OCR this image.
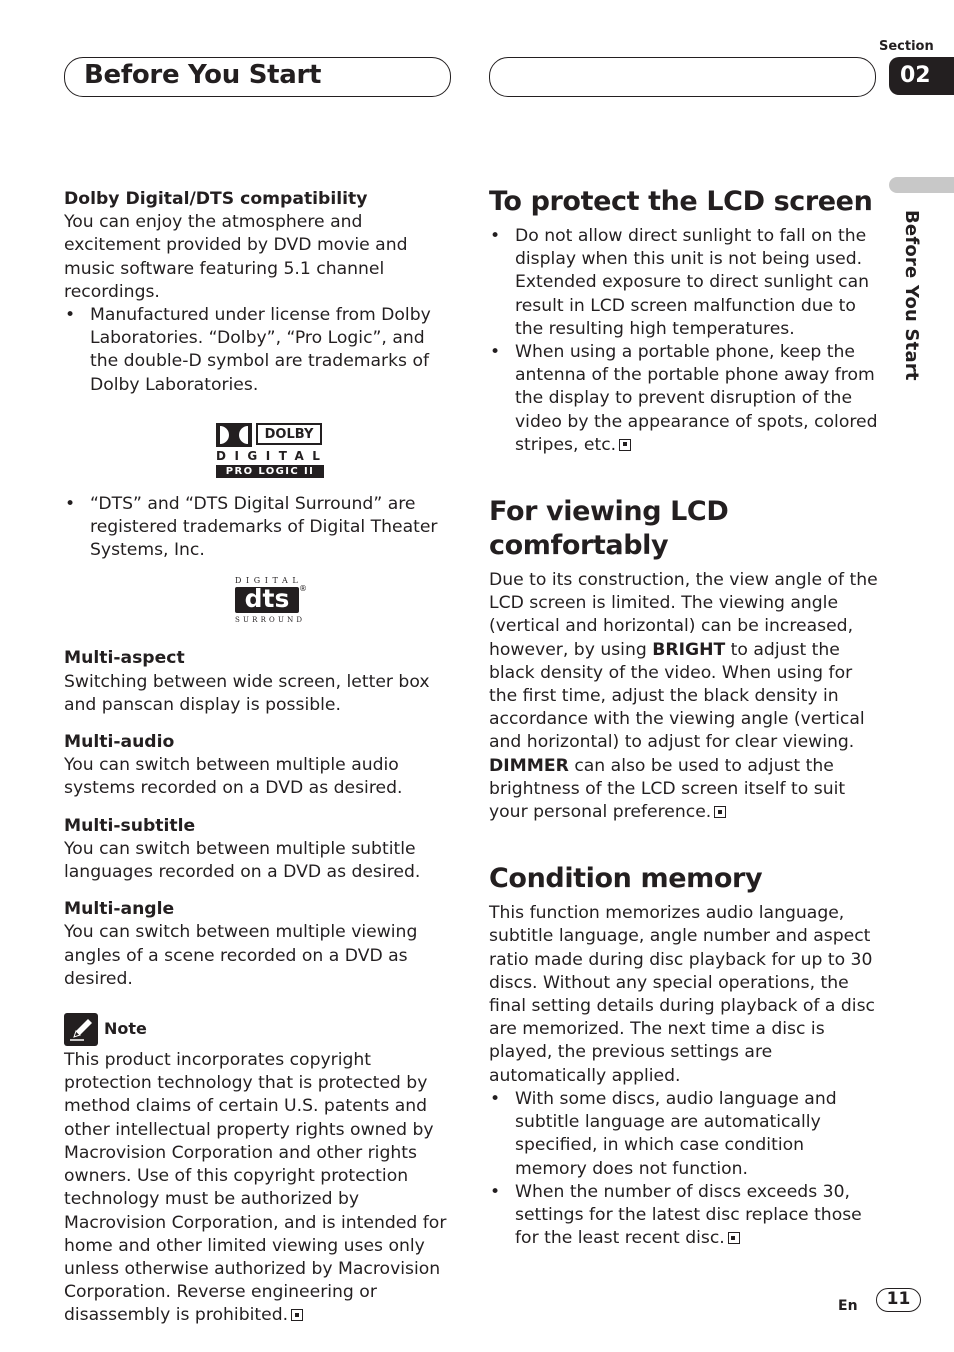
Before You Start
Section
02
Before You Start

Dolby Digital/DTS compatibility

You can enjoy the atmosphere and excitement provided by DVD movie and music software featuring 5.1 channel recordings.

• Manufactured under license from Dolby Laboratories. “Dolby”, “Pro Logic”, and the double-D symbol are trademarks of Dolby Laboratories.
DOLBY
DIGITAL
PRO LOGIC II
• “DTS” and “DTS Digital Surround” are registered trademarks of Digital Theater Systems, Inc.
DIGITAL
dts	®
SURROUND

Multi-aspect

Switching between wide screen, letter box and panscan display is possible.

Multi-audio

You can switch between multiple audio systems recorded on a DVD as desired.

Multi-subtitle

You can switch between multiple subtitle languages recorded on a DVD as desired.

Multi-angle

You can switch between multiple viewing angles of a scene recorded on a DVD as desired.

Note

This product incorporates copyright protection technology that is protected by method claims of certain U.S. patents and other intellectual property rights owned by Macrovision Corporation and other rights owners. Use of this copyright protection technology must be authorized by Macrovision Corporation, and is intended for home and other limited viewing uses only unless otherwise authorized by Macrovision Corporation. Reverse engineering or disassembly is prohibited.

To protect the LCD screen
• Do not allow direct sunlight to fall on the display when this unit is not being used. Extended exposure to direct sunlight can result in LCD screen malfunction due to the resulting high temperatures.
• When using a portable phone, keep the antenna of the portable phone away from the display to prevent disruption of the video by the appearance of spots, colored stripes, etc.
For viewing LCD comfortably

Due to its construction, the view angle of the LCD screen is limited. The viewing angle (vertical and horizontal) can be increased, however, by using BRIGHT to adjust the black density of the video. When using for the first time, adjust the black density in accordance with the viewing angle (vertical and horizontal) to adjust for clear viewing. DIMMER can also be used to adjust the brightness of the LCD screen itself to suit your personal preference.

Condition memory

This function memorizes audio language, subtitle language, angle number and aspect ratio made during disc playback for up to 30 discs. Without any special operations, the final setting details during playback of a disc are memorized. The next time a disc is played, the previous settings are automatically applied.

• With some discs, audio language and subtitle language are automatically specified, in which case condition memory does not function.
• When the number of discs exceeds 30, settings for the latest disc replace those for the least recent disc.
En	11
